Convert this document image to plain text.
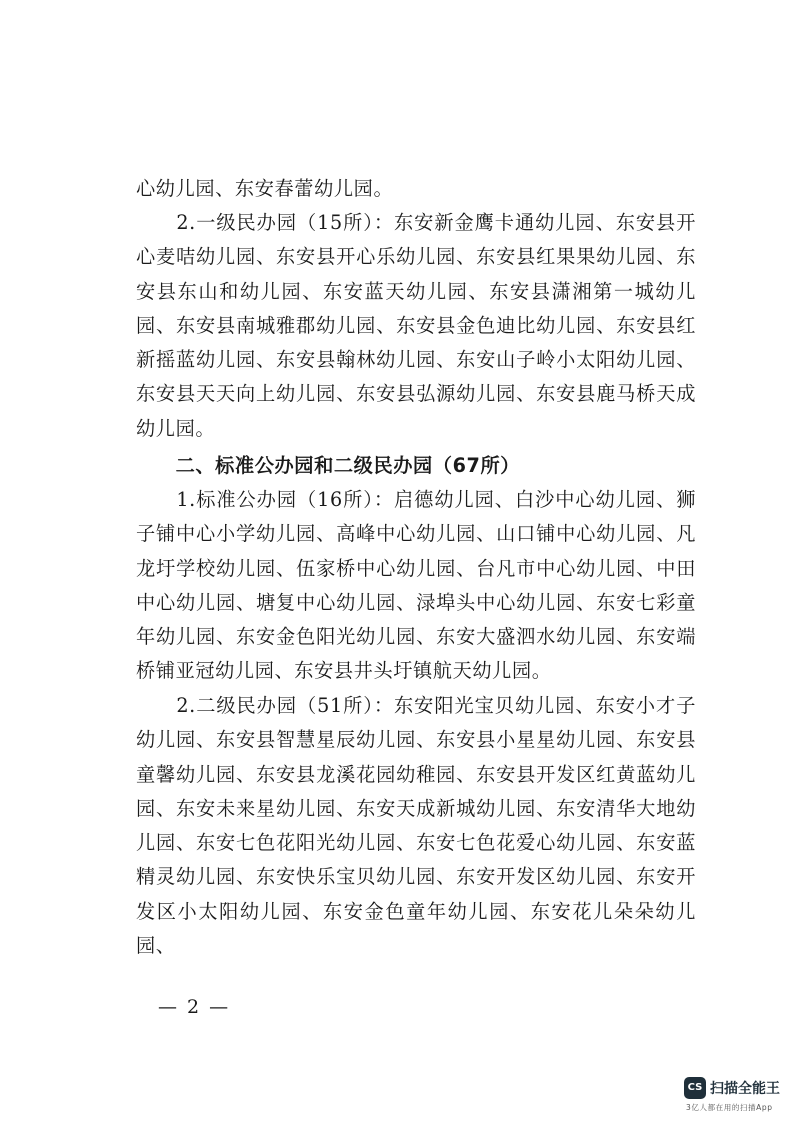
心幼儿园、东安春蕾幼儿园。
　　2.一级民办园（15所）：东安新金鹰卡通幼儿园、东安县开心麦咭幼儿园、东安县开心乐幼儿园、东安县红果果幼儿园、东安县东山和幼儿园、东安蓝天幼儿园、东安县潇湘第一城幼儿园、东安县南城雅郡幼儿园、东安县金色迪比幼儿园、东安县红新摇蓝幼儿园、东安县翰林幼儿园、东安山子岭小太阳幼儿园、东安县天天向上幼儿园、东安县弘源幼儿园、东安县鹿马桥天成幼儿园。
　　二、标准公办园和二级民办园（67所）
　　1.标准公办园（16所）：启德幼儿园、白沙中心幼儿园、狮子铺中心小学幼儿园、高峰中心幼儿园、山口铺中心幼儿园、凡龙圩学校幼儿园、伍家桥中心幼儿园、台凡市中心幼儿园、中田中心幼儿园、塘复中心幼儿园、渌埠头中心幼儿园、东安七彩童年幼儿园、东安金色阳光幼儿园、东安大盛泗水幼儿园、东安端桥铺亚冠幼儿园、东安县井头圩镇航天幼儿园。
　　2.二级民办园（51所）：东安阳光宝贝幼儿园、东安小才子幼儿园、东安县智慧星辰幼儿园、东安县小星星幼儿园、东安县童馨幼儿园、东安县龙溪花园幼稚园、东安县开发区红黄蓝幼儿园、东安未来星幼儿园、东安天成新城幼儿园、东安清华大地幼儿园、东安七色花阳光幼儿园、东安七色花爱心幼儿园、东安蓝精灵幼儿园、东安快乐宝贝幼儿园、东安开发区幼儿园、东安开发区小太阳幼儿园、东安金色童年幼儿园、东安花儿朵朵幼儿园、
— 2 —
CS 扫描全能王
3亿人都在用的扫描App
